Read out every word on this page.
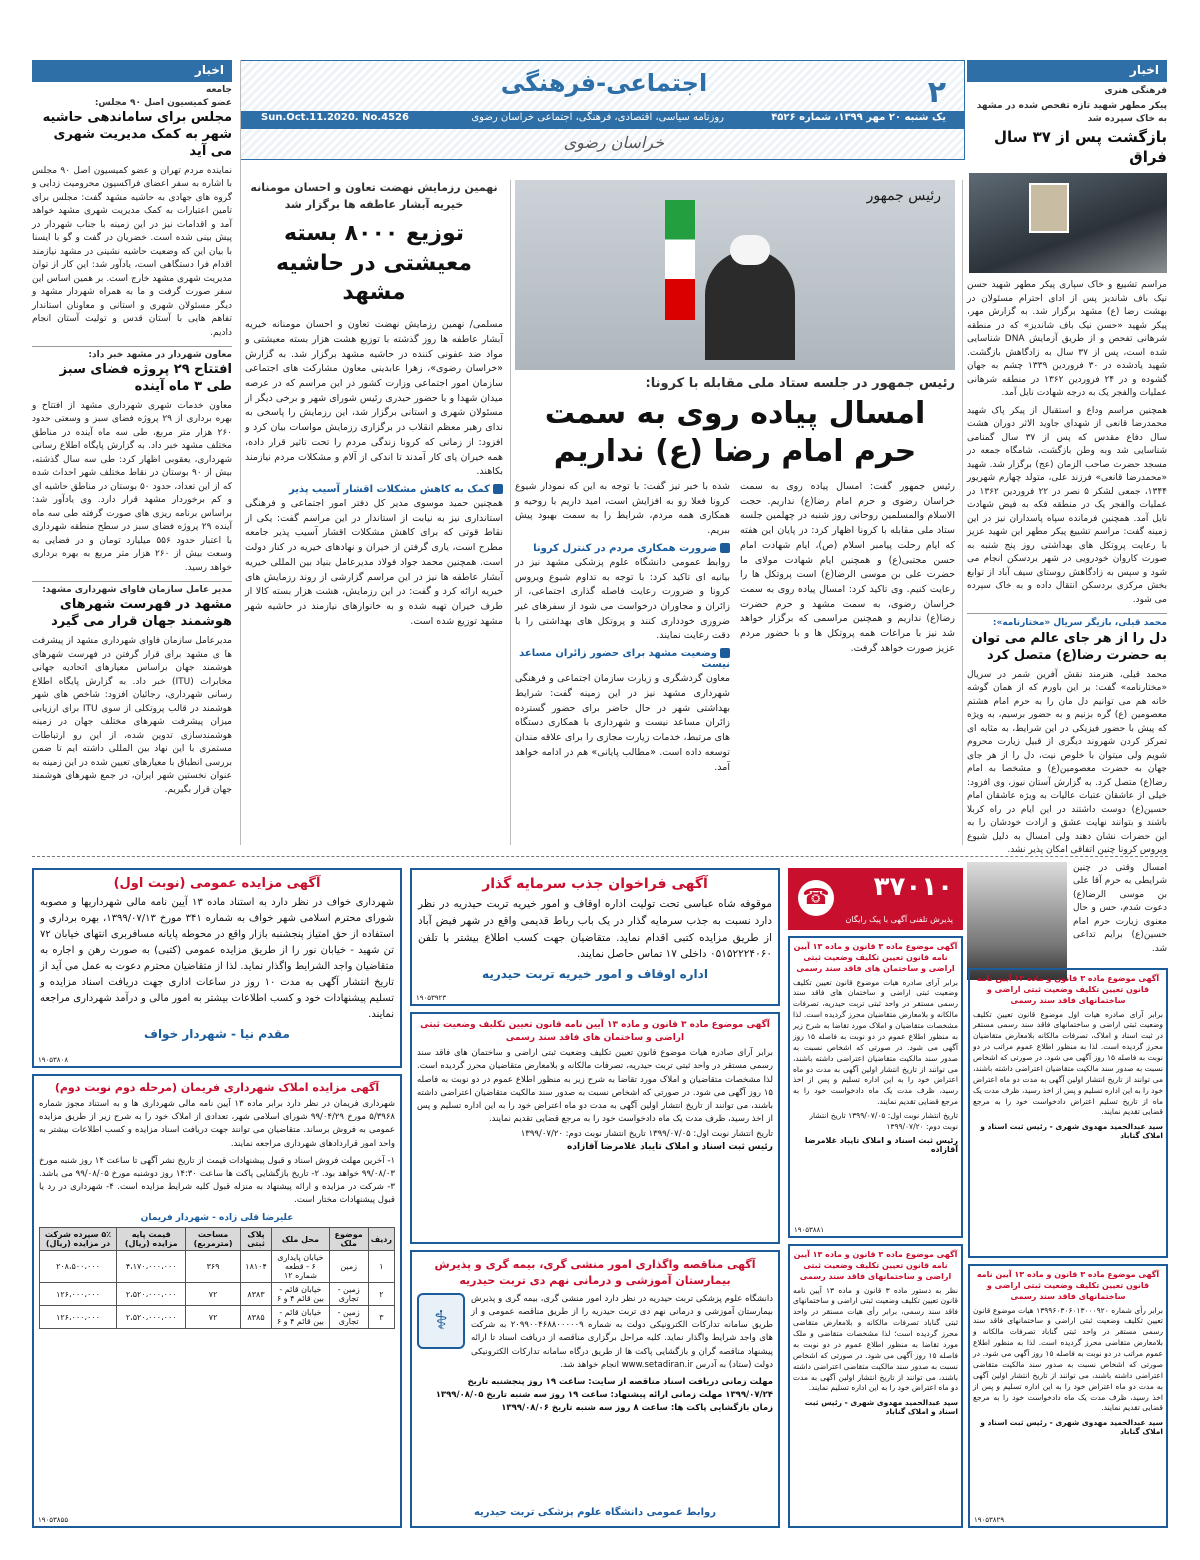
۲
اجتماعی-فرهنگی
یک شنبه ۲۰ مهر ۱۳۹۹، شماره ۴۵۲۶
روزنامه سیاسی، اقتصادی، فرهنگی، اجتماعی خراسان رضوی
Sun.Oct.11.2020. No.4526
خراسان رضوی
اخبار
فرهنگی هنری
پیکر مطهر شهید تازه تفحص شده در مشهد به خاک سپرده شد
بازگشت پس از ۳۷ سال فراق
مراسم تشییع و خاک سپاری پیکر مطهر شهید حسن نیک باف شاندیز پس از ادای احترام مسئولان در بهشت رضا (ع) مشهد برگزار شد. به گزارش مهر، پیکر شهید «حسن نیک باف شاندیز» که در منطقه شرهانی تفحص و از طریق آزمایش DNA شناسایی شده است، پس از ۳۷ سال به زادگاهش بازگشت. شهید یادشده در ۳۰ فروردین ۱۳۳۹ چشم به جهان گشوده و در ۲۴ فروردین ۱۳۶۲ در منطقه شرهانی عملیات والفجر یک به درجه شهادت نایل آمد.
همچنین مراسم وداع و استقبال از پیکر پاک شهید محمدرضا قانعی از شهدای جاوید الاثر دوران هشت سال دفاع مقدس که پس از ۳۷ سال گمنامی شناسایی شد وبه وطن بازگشت، شامگاه جمعه در مسجد حضرت صاحب الزمان (عج) برگزار شد. شهید «محمدرضا قانعی» فرزند علی، متولد چهارم شهریور ۱۳۴۴، جمعی لشکر ۵ نصر در ۲۲ فروردین ۱۳۶۲ در عملیات والفجر یک در منطقه فکه به فیض شهادت نایل آمد. همچنین فرمانده سپاه پاسداران نیز در این زمینه گفت: مراسم تشییع پیکر مطهر این شهید عزیز با رعایت پروتکل های بهداشتی روز پنج شنبه به صورت کاروان خودرویی در شهر بردسکن انجام می شود و سپس به زادگاهش روستای سیف آباد از توابع بخش مرکزی بردسکن انتقال داده و به خاک سپرده می شود.
محمد قیلی، بازیگر سریال «مختارنامه»:
دل را از هر جای عالم می توان به حضرت رضا(ع) متصل کرد
محمد قیلی، هنرمند نقش آفرین شمر در سریال «مختارنامه» گفت: بر این باورم که از همان گوشه خانه هم می توانیم دل مان را به حرم امام هشتم معصومین (ع) گره بزنیم و به حضور برسیم، به ویژه که پیش با حضور فیزیکی در این شرایط، به مثابه ای تمرکز کردن شهروند دیگری از قبیل زیارت محروم شویم ولی میتوان با خلوص نیت، دل را از هر جای جهان به حضرت معصومین(ع) و مشخصا به امام رضا(ع) متصل کرد. به گزارش آستان نیوز، وی افزود: خیلی از عاشقان عتبات عالیات به ویژه عاشقان امام حسین(ع) دوست داشتند در این ایام در راه کربلا باشند و بتوانند نهایت عشق و ارادت خودشان را به این حضرات نشان دهند ولی امسال به دلیل شیوع ویروس کرونا چنین اتفاقی امکان پذیر نشد.
امسال وقتی در چنین شرایطی به حرم آقا علی بن موسی الرضا(ع) دعوت شدم، حس و حال معنوی زیارت حرم امام حسین(ع) برایم تداعی شد.
رئیس جمهور
رئیس جمهور در جلسه ستاد ملی مقابله با کرونا:
امسال پیاده روی به سمت
حرم امام رضا (ع) نداریم
رئیس جمهور گفت: امسال پیاده روی به سمت خراسان رضوی و حرم امام رضا(ع) نداریم. حجت الاسلام والمسلمین روحانی روز شنبه در چهلمین جلسه ستاد ملی مقابله با کرونا اظهار کرد: در پایان این هفته که ایام رحلت پیامبر اسلام (ص)، ایام شهادت امام حسن مجتبی(ع) و همچنین ایام شهادت مولای ما حضرت علی بن موسی الرضا(ع) است پروتکل ها را رعایت کنیم. وی تاکید کرد: امسال پیاده روی به سمت خراسان رضوی، به سمت مشهد و حرم حضرت رضا(ع) نداریم و همچنین مراسمی که برگزار خواهد شد نیز با مراعات همه پروتکل ها و با حضور مردم عزیز صورت خواهد گرفت.
شده با خبر تیز گفت: با توجه به این که نمودار شیوع کرونا فعلا رو به افزایش است، امید داریم با روحیه و همکاری همه مردم، شرایط را به سمت بهبود پیش ببریم.
ضرورت همکاری مردم در کنترل کرونا
روابط عمومی دانشگاه علوم پزشکی مشهد نیز در بیانیه ای تاکید کرد: با توجه به تداوم شیوع ویروس کرونا و ضرورت رعایت فاصله گذاری اجتماعی، از زائران و مجاوران درخواست می شود از سفرهای غیر ضروری خودداری کنند و پروتکل های بهداشتی را با دقت رعایت نمایند.
وضعیت مشهد برای حضور زائران مساعد نیست
معاون گردشگری و زیارت سازمان اجتماعی و فرهنگی شهرداری مشهد نیز در این زمینه گفت: شرایط بهداشتی شهر در حال حاضر برای حضور گسترده زائران مساعد نیست و شهرداری با همکاری دستگاه های مرتبط، خدمات زیارت مجازی را برای علاقه مندان توسعه داده است. «مطالب پایانی» هم در ادامه خواهد آمد.
نهمین رزمایش نهضت تعاون و احسان مومنانه خیریه آبشار عاطفه ها برگزار شد
توزیع ۸۰۰۰ بسته معیشتی در حاشیه مشهد
مسلمی/ نهمین رزمایش نهضت تعاون و احسان مومنانه خیریه آبشار عاطفه ها روز گذشته با توزیع هشت هزار بسته معیشتی و مواد ضد عفونی کننده در حاشیه مشهد برگزار شد. به گزارش «خراسان رضوی»، زهرا عابدینی معاون مشارکت های اجتماعی سازمان امور اجتماعی وزارت کشور در این مراسم که در عرصه میدان شهدا و با حضور حیدری رئیس شورای شهر و برخی دیگر از مسئولان شهری و استانی برگزار شد، این رزمایش را پاسخی به ندای رهبر معظم انقلاب در برگزاری رزمایش مواسات بیان کرد و افزود: از زمانی که کرونا زندگی مردم را تحت تاثیر قرار داده، همه خیران پای کار آمدند تا اندکی از آلام و مشکلات مردم نیازمند بکاهند.
کمک به کاهش مشکلات اقشار آسیب پذیر
همچنین حمید موسوی مدیر کل دفتر امور اجتماعی و فرهنگی استانداری نیز به نیابت از استاندار در این مراسم گفت: یکی از نقاط قوتی که برای کاهش مشکلات اقشار آسیب پذیر جامعه مطرح است، یاری گرفتن از خیران و نهادهای خیریه در کنار دولت است. همچنین محمد جواد فولاد مدیرعامل بنیاد بین المللی خیریه آبشار عاطفه ها نیز در این مراسم گزارشی از روند رزمایش های خیریه ارائه کرد و گفت: در این رزمایش، هشت هزار بسته کالا از طرف خیران تهیه شده و به خانوارهای نیازمند در حاشیه شهر مشهد توزیع شده است.
اخبار
جامعه
عضو کمیسیون اصل ۹۰ مجلس:
مجلس برای ساماندهی حاشیه شهر به کمک مدیریت شهری می آید
نماینده مردم تهران و عضو کمیسیون اصل ۹۰ مجلس با اشاره به سفر اعضای فراکسیون محرومیت زدایی و گروه های جهادی به حاشیه مشهد گفت: مجلس برای تامین اعتبارات به کمک مدیریت شهری مشهد خواهد آمد و اقدامات نیز در این زمینه با جناب شهردار در پیش بینی شده است. خضریان در گفت و گو با ایسنا با بیان این که وضعیت حاشیه نشینی در مشهد نیازمند اقدام فرا دستگاهی است، یادآور شد: این کار از توان مدیریت شهری مشهد خارج است. بر همین اساس این سفر صورت گرفت و ما به همراه شهردار مشهد و دیگر مسئولان شهری و استانی و معاونان استاندار تفاهم هایی با آستان قدس و تولیت آستان انجام دادیم.
معاون شهردار در مشهد خبر داد:
افتتاح ۲۹ پروژه فضای سبز طی ۳ ماه آینده
معاون خدمات شهری شهرداری مشهد از افتتاح و بهره برداری از ۲۹ پروژه فضای سبز و وسعتی حدود ۲۶۰ هزار متر مربع، طی سه ماه آینده در مناطق مختلف مشهد خبر داد. به گزارش پایگاه اطلاع رسانی شهرداری، یعقوبی اظهار کرد: طی سه سال گذشته، بیش از ۹۰ بوستان در نقاط مختلف شهر احداث شده که از این تعداد، حدود ۵۰ بوستان در مناطق حاشیه ای و کم برخوردار مشهد قرار دارد. وی یادآور شد: براساس برنامه ریزی های صورت گرفته طی سه ماه آینده ۲۹ پروژه فضای سبز در سطح منطقه شهرداری با اعتبار حدود ۵۵۶ میلیارد تومان و در فضایی به وسعت بیش از ۲۶۰ هزار متر مربع به بهره برداری خواهد رسید.
مدیر عامل سازمان فاوای شهرداری مشهد:
مشهد در فهرست شهرهای هوشمند جهان قرار می گیرد
مدیرعامل سازمان فاوای شهرداری مشهد از پیشرفت ها ی مشهد برای قرار گرفتن در فهرست شهرهای هوشمند جهان براساس معیارهای اتحادیه جهانی مخابرات (ITU) خبر داد. به گزارش پایگاه اطلاع رسانی شهرداری، رجائیان افزود: شاخص های شهر هوشمند در قالب پروتکلی از سوی ITU برای ارزیابی میزان پیشرفت شهرهای مختلف جهان در زمینه هوشمندسازی تدوین شده، از این رو ارتباطات مستمری با این نهاد بین المللی داشته ایم تا ضمن بررسی انطباق با معیارهای تعیین شده در این زمینه به عنوان نخستین شهر ایران، در جمع شهرهای هوشمند جهان قرار بگیریم.
۳۷۰۱۰
پذیرش تلفنی آگهی با پیک رایگان
☎
آگهی موضوع ماده ۳ قانون و ماده ۱۳ آیین نامه قانون تعیین تکلیف وضعیت ثبتی اراضی و ساختمان های فاقد سند رسمی
برابر آرای صادره هیات موضوع قانون تعیین تکلیف وضعیت ثبتی اراضی و ساختمان های فاقد سند رسمی مستقر در واحد ثبتی تربت حیدریه، تصرفات مالکانه و بلامعارض متقاضیان محرز گردیده است. لذا مشخصات متقاضیان و املاک مورد تقاضا به شرح زیر به منظور اطلاع عموم در دو نوبت به فاصله ۱۵ روز آگهی می شود. در صورتی که اشخاص نسبت به صدور سند مالکیت متقاضیان اعتراضی داشته باشند، می توانند از تاریخ انتشار اولین آگهی به مدت دو ماه اعتراض خود را به این اداره تسلیم و پس از اخذ رسید، ظرف مدت یک ماه دادخواست خود را به مرجع قضایی تقدیم نمایند.
تاریخ انتشار نوبت اول: ۱۳۹۹/۰۷/۰۵ تاریخ انتشار نوبت دوم: ۱۳۹۹/۰۷/۲۰
رئیس ثبت اسناد و املاک تایباد غلامرضا آقازاده
۱۹۰۵۳۸۸۱
آگهی موضوع ماده ۳ قانون و ماده ۱۳ آیین نامه قانون تعیین تکلیف وضعیت ثبتی اراضی و ساختمانهای فاقد سند رسمی
نظر به دستور ماده ۳ قانون و ماده ۱۳ آیین نامه قانون تعیین تکلیف وضعیت ثبتی اراضی و ساختمانهای فاقد سند رسمی، برابر رأی هیات مستقر در واحد ثبتی گناباد تصرفات مالکانه و بلامعارض متقاضی محرز گردیده است؛ لذا مشخصات متقاضی و ملک مورد تقاضا به منظور اطلاع عموم در دو نوبت به فاصله ۱۵ روز آگهی می شود. در صورتی که اشخاص نسبت به صدور سند مالکیت متقاضی اعتراضی داشته باشند، می توانند از تاریخ انتشار اولین آگهی به مدت دو ماه اعتراض خود را به این اداره تسلیم نمایند.
سید عبدالحمید مهدوی شهری - رئیس ثبت اسناد و املاک گناباد
آگهی موضوع ماده ۳ قانون و ماده ۱۳ آیین نامه قانون تعیین تکلیف وضعیت ثبتی اراضی و ساختمانهای فاقد سند رسمی
برابر آرای صادره هیات اول موضوع قانون تعیین تکلیف وضعیت ثبتی اراضی و ساختمانهای فاقد سند رسمی مستقر در ثبت اسناد و املاک، تصرفات مالکانه بلامعارض متقاضیان محرز گردیده است. لذا به منظور اطلاع عموم مراتب در دو نوبت به فاصله ۱۵ روز آگهی می شود. در صورتی که اشخاص نسبت به صدور سند مالکیت متقاضیان اعتراضی داشته باشند، می توانند از تاریخ انتشار اولین آگهی به مدت دو ماه اعتراض خود را به این اداره تسلیم و پس از اخذ رسید، ظرف مدت یک ماه از تاریخ تسلیم اعتراض دادخواست خود را به مرجع قضایی تقدیم نمایند.
سید عبدالحمید مهدوی شهری - رئیس ثبت اسناد و املاک گناباد
آگهی موضوع ماده ۳ قانون و ماده ۱۳ آیین نامه قانون تعیین تکلیف وضعیت ثبتی اراضی و ساختمانهای فاقد سند رسمی
برابر رأی شماره ۱۳۹۹۶۰۳۰۶۰۱۳۰۰۰۹۲۰ هیات موضوع قانون تعیین تکلیف وضعیت ثبتی اراضی و ساختمانهای فاقد سند رسمی مستقر در واحد ثبتی گناباد تصرفات مالکانه و بلامعارض متقاضی محرز گردیده است. لذا به منظور اطلاع عموم مراتب در دو نوبت به فاصله ۱۵ روز آگهی می شود. در صورتی که اشخاص نسبت به صدور سند مالکیت متقاضی اعتراضی داشته باشند، می توانند از تاریخ انتشار اولین آگهی به مدت دو ماه اعتراض خود را به این اداره تسلیم و پس از اخذ رسید، ظرف مدت یک ماه دادخواست خود را به مرجع قضایی تقدیم نمایند.
سید عبدالحمید مهدوی شهری - رئیس ثبت اسناد و املاک گناباد
۱۹۰۵۳۸۲۹
آگهی فراخوان جذب سرمایه گذار
موقوفه شاه عباسی تحت تولیت اداره اوقاف و امور خیریه تربت حیدریه در نظر دارد نسبت به جذب سرمایه گذار در یک باب رباط قدیمی واقع در شهر فیض آباد از طریق مزایده کتبی اقدام نماید. متقاضیان جهت کسب اطلاع بیشتر با تلفن ۰۵۱۵۲۲۲۴۰۶۰ داخلی ۱۷ تماس حاصل نمایند.
اداره اوقاف و امور خیریه تربت حیدریه
۱۹۰۵۳۹۲۳
آگهی موضوع ماده ۳ قانون و ماده ۱۳ آیین نامه قانون تعیین تکلیف وضعیت ثبتی اراضی و ساختمان های فاقد سند رسمی
برابر آرای صادره هیات موضوع قانون تعیین تکلیف وضعیت ثبتی اراضی و ساختمان های فاقد سند رسمی مستقر در واحد ثبتی تربت حیدریه، تصرفات مالکانه و بلامعارض متقاضیان محرز گردیده است. لذا مشخصات متقاضیان و املاک مورد تقاضا به شرح زیر به منظور اطلاع عموم در دو نوبت به فاصله ۱۵ روز آگهی می شود. در صورتی که اشخاص نسبت به صدور سند مالکیت متقاضیان اعتراضی داشته باشند، می توانند از تاریخ انتشار اولین آگهی به مدت دو ماه اعتراض خود را به این اداره تسلیم و پس از اخذ رسید، ظرف مدت یک ماه دادخواست خود را به مرجع قضایی تقدیم نمایند.
تاریخ انتشار نوبت اول: ۱۳۹۹/۰۷/۰۵ تاریخ انتشار نوبت دوم: ۱۳۹۹/۰۷/۲۰
رئیس ثبت اسناد و املاک تایباد غلامرضا آقازاده
آگهی مناقصه واگذاری امور منشی گری، بیمه گری و پذیرش بیمارستان آموزشی و درمانی نهم دی تربت حیدریه
دانشگاه علوم پزشکی تربت حیدریه در نظر دارد امور منشی گری، بیمه گری و پذیرش بیمارستان آموزشی و درمانی نهم دی تربت حیدریه را از طریق مناقصه عمومی و از طریق سامانه تدارکات الکترونیکی دولت به شماره ۲۰۹۹۰۰۴۶۸۸۰۰۰۰۰۹ به شرکت های واجد شرایط واگذار نماید. کلیه مراحل برگزاری مناقصه از دریافت اسناد تا ارائه پیشنهاد مناقصه گران و بازگشایی پاکت ها از طریق درگاه سامانه تدارکات الکترونیکی دولت (ستاد) به آدرس www.setadiran.ir انجام خواهد شد.
⚕
مهلت زمانی دریافت اسناد مناقصه از سایت: ساعت ۱۹ روز پنجشنبه تاریخ ۱۳۹۹/۰۷/۲۴ مهلت زمانی ارائه پیشنهاد: ساعت ۱۹ روز سه شنبه تاریخ ۱۳۹۹/۰۸/۰۵ زمان بازگشایی پاکت ها: ساعت ۸ روز سه شنبه تاریخ ۱۳۹۹/۰۸/۰۶
روابط عمومی دانشگاه علوم پزشکی تربت حیدریه
آگهی مزایده عمومی (نوبت اول)
شهرداری خواف در نظر دارد به استناد ماده ۱۳ آیین نامه مالی شهرداریها و مصوبه شورای محترم اسلامی شهر خواف به شماره ۳۴۱ مورخ ۱۳۹۹/۰۷/۱۳، بهره برداری و استفاده از حق امتیاز پنجشنبه بازار واقع در محوطه پایانه مسافربری انتهای خیابان ۷۲ تن شهید - خیابان نور را از طریق مزایده عمومی (کتبی) به صورت رهن و اجاره به متقاضیان واجد الشرایط واگذار نماید. لذا از متقاضیان محترم دعوت به عمل می آید از تاریخ انتشار آگهی به مدت ۱۰ روز در ساعات اداری جهت دریافت اسناد مزایده و تسلیم پیشنهادات خود و کسب اطلاعات بیشتر به امور مالی و درآمد شهرداری مراجعه نمایند.
مقدم نیا - شهردار خواف
۱۹۰۵۳۸۰۸
آگهی مزایده املاک شهرداری فریمان (مرحله دوم نوبت دوم)
شهرداری فریمان در نظر دارد برابر ماده ۱۳ آیین نامه مالی شهرداری ها و به استناد مجوز شماره ۵/۳۹۶۸ مورخ ۹۹/۰۴/۲۹ شورای اسلامی شهر، تعدادی از املاک خود را به شرح زیر از طریق مزایده عمومی به فروش برساند. متقاضیان می توانند جهت دریافت اسناد مزایده و کسب اطلاعات بیشتر به واحد امور قراردادهای شهرداری مراجعه نمایند.
۱- آخرین مهلت فروش اسناد و قبول پیشنهادات قیمت از تاریخ نشر آگهی تا ساعت ۱۴ روز شنبه مورخ ۹۹/۰۸/۰۳ خواهد بود. ۲- تاریخ بازگشایی پاکت ها ساعت ۱۴:۳۰ روز دوشنبه مورخ ۹۹/۰۸/۰۵ می باشد. ۳- شرکت در مزایده و ارائه پیشنهاد به منزله قبول کلیه شرایط مزایده است. ۴- شهرداری در رد یا قبول پیشنهادات مختار است.
علیرضا قلی زاده - شهردار فریمان
ردیف	موضوع ملک	محل ملک	پلاک ثبتی	مساحت (مترمربع)	قیمت پایه مزایده (ریال)	۵٪ سپرده شرکت در مزایده (ریال)
۱	زمین	خیابان پایداری ۶ - قطعه شماره ۱۲	۱۸۱۰۴	۳۶۹	۴،۱۷۰،۰۰۰،۰۰۰	۲۰۸،۵۰۰،۰۰۰
۲	زمین - تجاری	خیابان قائم - بین قائم ۴ و ۶	۸۳۸۳	۷۲	۲،۵۲۰،۰۰۰،۰۰۰	۱۲۶،۰۰۰،۰۰۰
۳	زمین - تجاری	خیابان قائم - بین قائم ۴ و ۶	۸۳۸۵	۷۲	۲،۵۲۰،۰۰۰،۰۰۰	۱۲۶،۰۰۰،۰۰۰
۱۹۰۵۳۸۵۵
